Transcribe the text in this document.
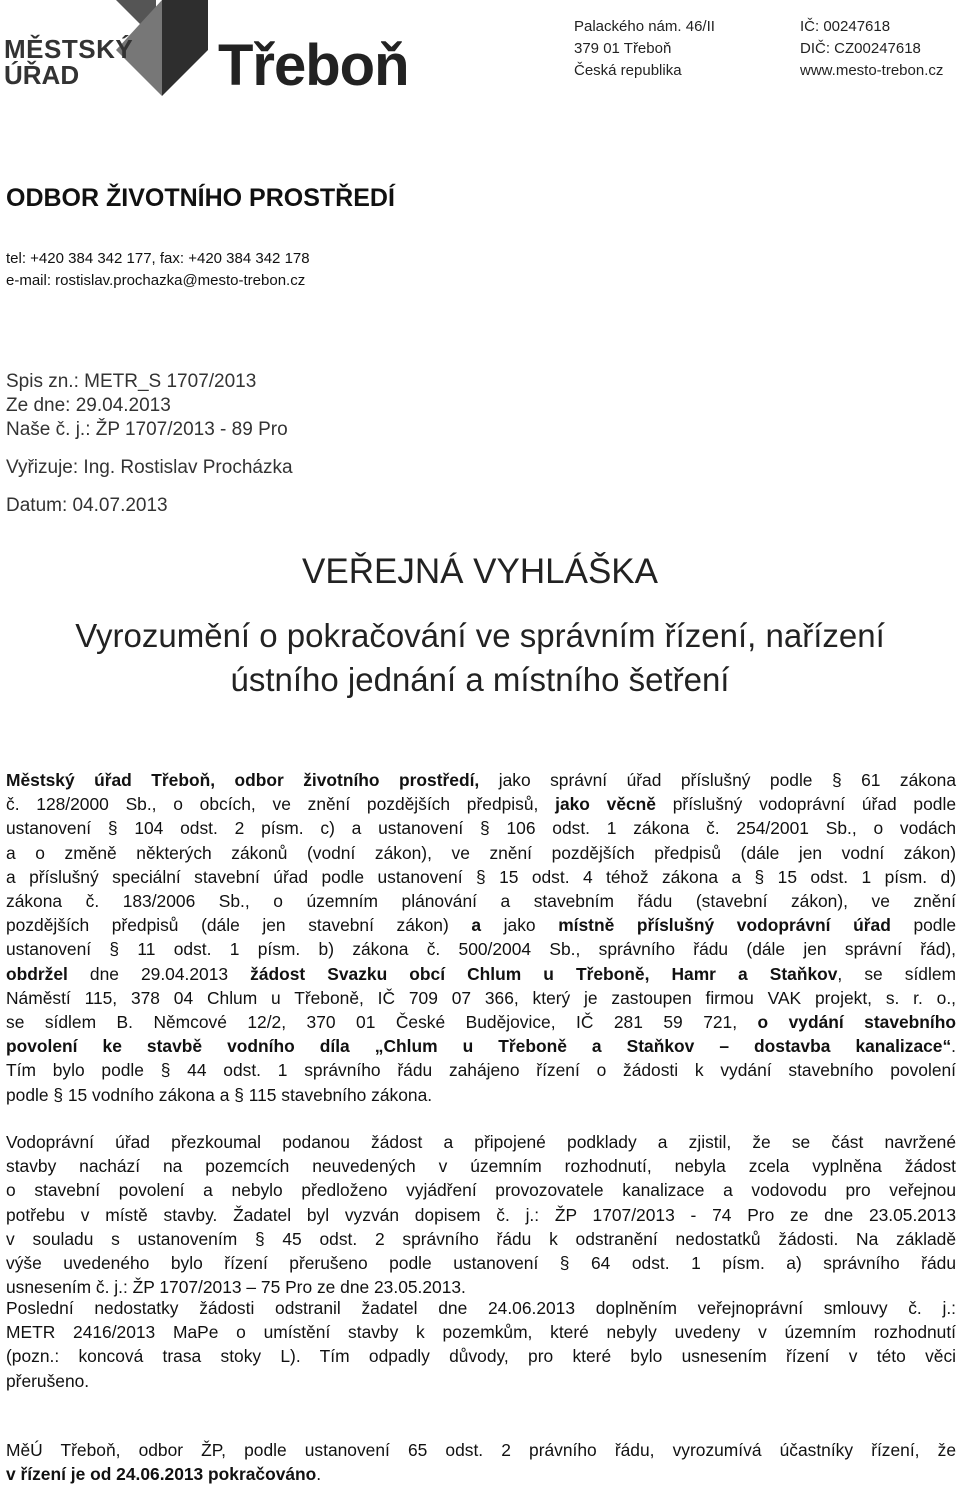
MĚSTSKÝ
ÚŘAD Třeboň
Palackého nám. 46/II
379 01 Třeboň
Česká republika
IČ: 00247618
DIČ: CZ00247618
www.mesto-trebon.cz
ODBOR ŽIVOTNÍHO PROSTŘEDÍ
tel: +420 384 342 177, fax: +420 384 342 178
e-mail: rostislav.prochazka@mesto-trebon.cz
Spis zn.: METR_S 1707/2013
Ze dne: 29.04.2013
Naše č. j.: ŽP 1707/2013 - 89 Pro
Vyřizuje: Ing. Rostislav Procházka
Datum: 04.07.2013
VEŘEJNÁ VYHLÁŠKA
Vyrozumění o pokračování ve správním řízení, nařízení
ústního jednání a místního šetření
Městský úřad Třeboň, odbor životního prostředí, jako správní úřad příslušný podle § 61 zákona
č. 128/2000 Sb., o obcích, ve znění pozdějších předpisů, jako věcně příslušný vodoprávní úřad podle
ustanovení § 104 odst. 2 písm. c) a ustanovení § 106 odst. 1 zákona č. 254/2001 Sb., o vodách
a o změně některých zákonů (vodní zákon), ve znění pozdějších předpisů (dále jen vodní zákon)
a příslušný speciální stavební úřad podle ustanovení § 15 odst. 4 téhož zákona a § 15 odst. 1 písm. d)
zákona č. 183/2006 Sb., o územním plánování a stavebním řádu (stavební zákon), ve znění
pozdějších předpisů (dále jen stavební zákon) a jako místně příslušný vodoprávní úřad podle
ustanovení § 11 odst. 1 písm. b) zákona č. 500/2004 Sb., správního řádu (dále jen správní řád),
obdržel dne 29.04.2013 žádost Svazku obcí Chlum u Třeboně, Hamr a Staňkov, se sídlem
Náměstí 115, 378 04 Chlum u Třeboně, IČ 709 07 366, který je zastoupen firmou VAK projekt, s. r. o.,
se sídlem B. Němcové 12/2, 370 01 České Budějovice, IČ 281 59 721, o vydání stavebního
povolení ke stavbě vodního díla „Chlum u Třeboně a Staňkov – dostavba kanalizace“.
Tím bylo podle § 44 odst. 1 správního řádu zahájeno řízení o žádosti k vydání stavebního povolení
podle § 15 vodního zákona a § 115 stavebního zákona.
Vodoprávní úřad přezkoumal podanou žádost a připojené podklady a zjistil, že se část navržené
stavby nachází na pozemcích neuvedených v územním rozhodnutí, nebyla zcela vyplněna žádost
o stavební povolení a nebylo předloženo vyjádření provozovatele kanalizace a vodovodu pro veřejnou
potřebu v místě stavby. Žadatel byl vyzván dopisem č. j.: ŽP 1707/2013 - 74 Pro ze dne 23.05.2013
v souladu s ustanovením § 45 odst. 2 správního řádu k odstranění nedostatků žádosti. Na základě
výše uvedeného bylo řízení přerušeno podle ustanovení § 64 odst. 1 písm. a) správního řádu
usnesením č. j.: ŽP 1707/2013 – 75 Pro ze dne 23.05.2013.
Poslední nedostatky žádosti odstranil žadatel dne 24.06.2013 doplněním veřejnoprávní smlouvy č. j.:
METR 2416/2013 MaPe o umístění stavby k pozemkům, které nebyly uvedeny v územním rozhodnutí
(pozn.: koncová trasa stoky L). Tím odpadly důvody, pro které bylo usnesením řízení v této věci
přerušeno.
MěÚ Třeboň, odbor ŽP, podle ustanovení 65 odst. 2 právního řádu, vyrozumívá účastníky řízení, že
v řízení je od 24.06.2013 pokračováno.
